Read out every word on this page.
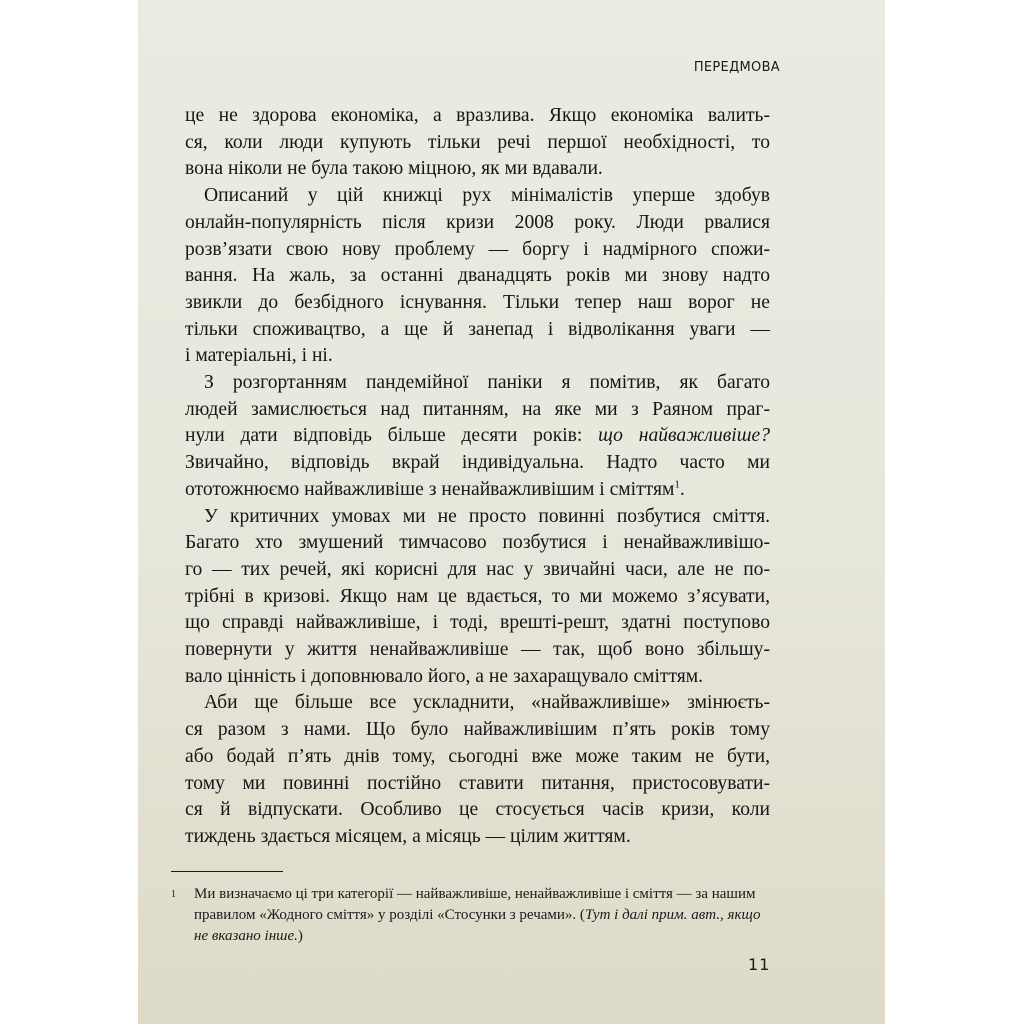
ПЕРЕДМОВА
це не здорова економіка, а вразлива. Якщо економіка валить-
ся, коли люди купують тільки речі першої необхідності, то
вона ніколи не була такою міцною, як ми вдавали.
Описаний у цій книжці рух мінімалістів уперше здобув
онлайн-популярність після кризи 2008 року. Люди рвалися
розв’язати свою нову проблему — боргу і надмірного спожи-
вання. На жаль, за останні дванадцять років ми знову надто
звикли до безбідного існування. Тільки тепер наш ворог не
тільки споживацтво, а ще й занепад і відволікання уваги —
і матеріальні, і ні.
З розгортанням пандемійної паніки я помітив, як багато
людей замислюється над питанням, на яке ми з Раяном праг-
нули дати відповідь більше десяти років: що найважливіше?
Звичайно, відповідь вкрай індивідуальна. Надто часто ми
ототожнюємо найважливіше з ненайважливішим і сміттям$^1$.
У критичних умовах ми не просто повинні позбутися сміття.
Багато хто змушений тимчасово позбутися і ненайважливішо-
го — тих речей, які корисні для нас у звичайні часи, але не по-
трібні в кризові. Якщо нам це вдається, то ми можемо з’ясувати,
що справді найважливіше, і тоді, врешті-решт, здатні поступово
повернути у життя ненайважливіше — так, щоб воно збільшу-
вало цінність і доповнювало його, а не захаращувало сміттям.
Аби ще більше все ускладнити, «найважливіше» змінюєть-
ся разом з нами. Що було найважливішим п’ять років тому
або бодай п’ять днів тому, сьогодні вже може таким не бути,
тому ми повинні постійно ставити питання, пристосовувати-
ся й відпускати. Особливо це стосується часів кризи, коли
тиждень здається місяцем, а місяць — цілим життям.
1 Ми визначаємо ці три категорії — найважливіше, ненайважливіше і сміття — за нашим правилом «Жодного сміття» у розділі «Стосунки з речами». (Тут і далі прим. авт., якщо не вказано інше.)
11
